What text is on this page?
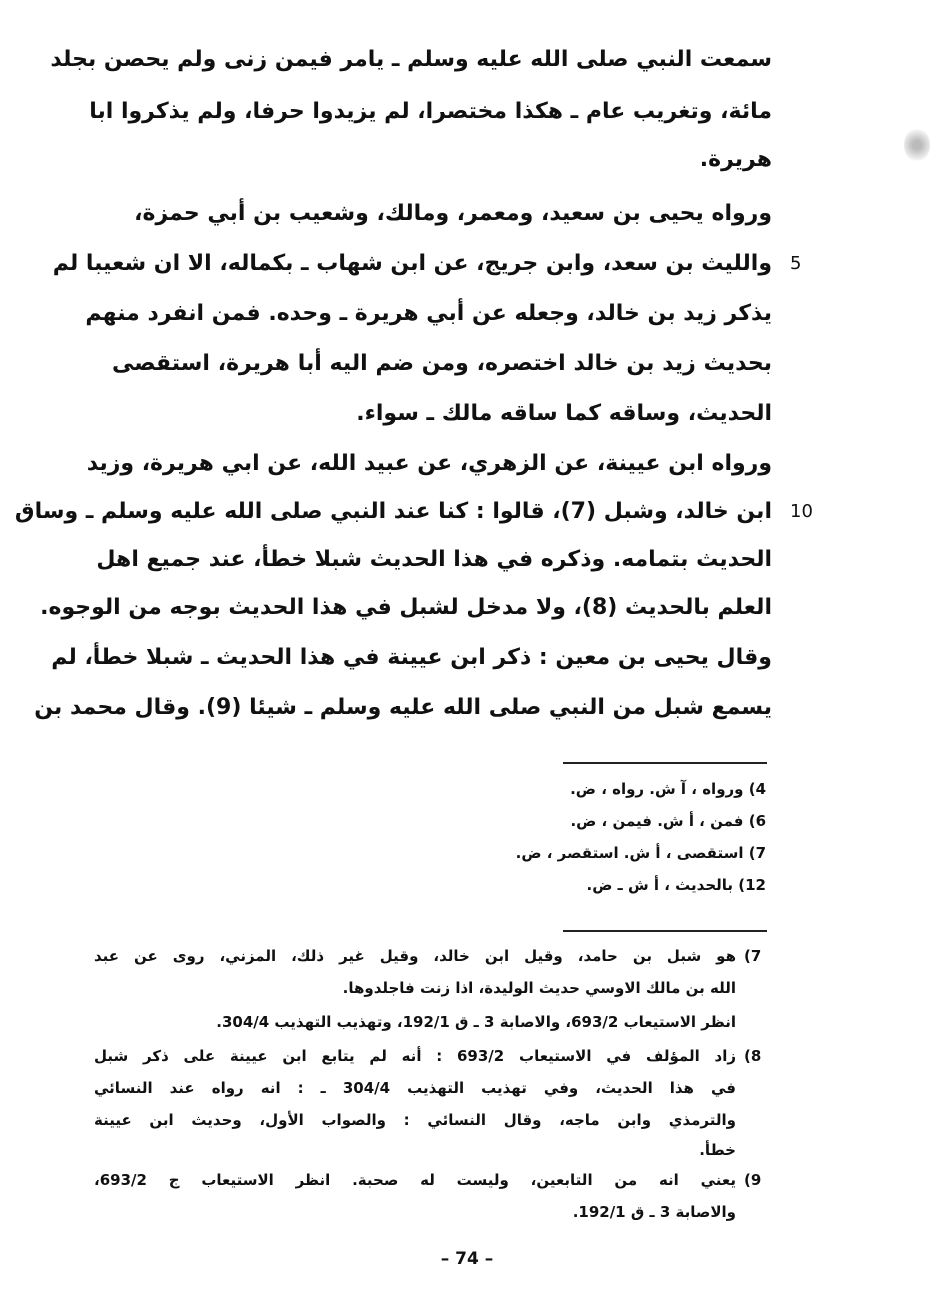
سمعت النبي صلى الله عليه وسلم ـ يامر فيمن زنى ولم يحصن بجلد
مائة، وتغريب عام ـ هكذا مختصرا، لم يزيدوا حرفا، ولم يذكروا ابا
هريرة.
ورواه يحيى بن سعيد، ومعمر، ومالك، وشعيب بن أبي حمزة،
والليث بن سعد، وابن جريج، عن ابن شهاب ـ بكماله، الا ان شعيبا لم
يذكر زيد بن خالد، وجعله عن أبي هريرة ـ وحده. فمن انفرد منهم
بحديث زيد بن خالد اختصره، ومن ضم اليه أبا هريرة، استقصى
الحديث، وساقه كما ساقه مالك ـ سواء.
ورواه ابن عيينة، عن الزهري، عن عبيد الله، عن ابي هريرة، وزيد
ابن خالد، وشبل (7)، قالوا : كنا عند النبي صلى الله عليه وسلم ـ وساق
الحديث بتمامه. وذكره في هذا الحديث شبلا خطأ، عند جميع اهل
العلم بالحديث (8)، ولا مدخل لشبل في هذا الحديث بوجه من الوجوه.
وقال يحيى بن معين : ذكر ابن عيينة في هذا الحديث ـ شبلا خطأ، لم
يسمع شبل من النبي صلى الله عليه وسلم ـ شيئا (9). وقال محمد بن
5
10
4) ورواه ، آ ش. رواه ، ض.
6) فمن ، أ ش. فيمن ، ض.
7) استقصى ، أ ش. استقصر ، ض.
12) بالحديث ، أ ش ـ ض.
(7
هو شبل بن حامد، وقيل ابن خالد، وقيل غير ذلك، المزني، روى عن عبد
الله بن مالك الاوسي حديث الوليدة، اذا زنت فاجلدوها.
انظر الاستيعاب 693/2، والاصابة 3 ـ ق 192/1، وتهذيب التهذيب 304/4.
(8
زاد المؤلف في الاستيعاب 693/2 : أنه لم يتابع ابن عيينة على ذكر شبل
في هذا الحديث، وفي تهذيب التهذيب 304/4 ـ : انه رواه عند النسائي
والترمذي وابن ماجه، وقال النسائي : والصواب الأول، وحديث ابن عيينة
خطأ.
(9
يعني انه من التابعين، وليست له صحبة. انظر الاستيعاب ج 693/2،
والاصابة 3 ـ ق 192/1.
– 74 –
